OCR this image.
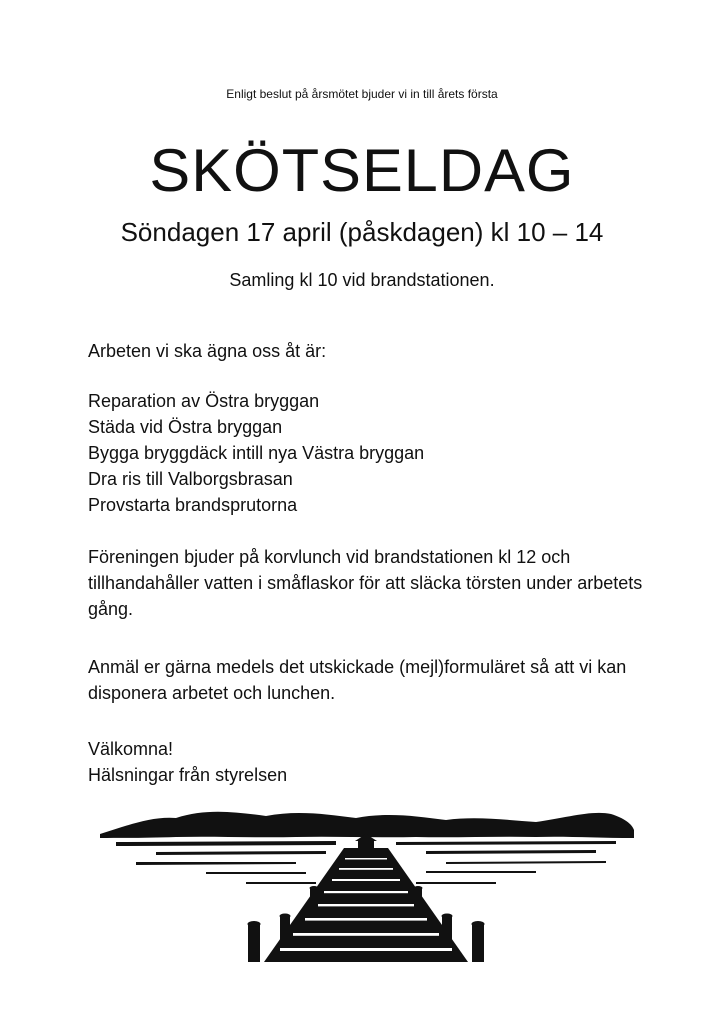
Enligt beslut på årsmötet bjuder vi in till årets första
SKÖTSELDAG
Söndagen 17 april (påskdagen) kl 10 – 14
Samling kl 10 vid brandstationen.
Arbeten vi ska ägna oss åt är:
Reparation av Östra bryggan
Städa vid Östra bryggan
Bygga bryggdäck intill nya Västra bryggan
Dra ris till Valborgsbrasan
Provstarta brandsprutorna
Föreningen bjuder på korvlunch vid brandstationen kl 12 och tillhandahåller vatten i småflaskor för att släcka törsten under arbetets gång.
Anmäl er gärna medels det utskickade (mejl)formuläret så att vi kan disponera arbetet och lunchen.
Välkomna!
Hälsningar från styrelsen
